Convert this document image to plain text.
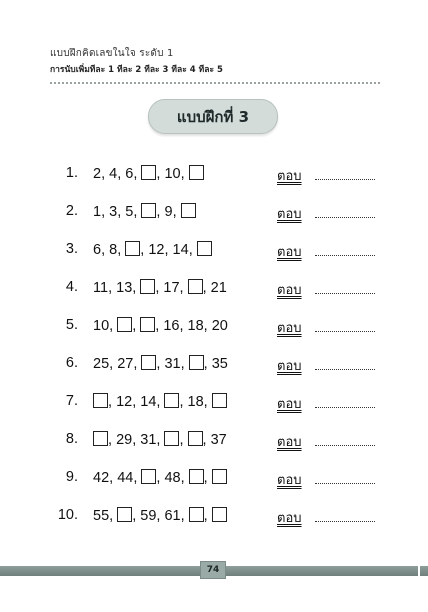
แบบฝึกคิดเลขในใจ ระดับ 1
การนับเพิ่มทีละ 1 ทีละ 2 ทีละ 3 ทีละ 4 ทีละ 5
แบบฝึกที่ 3
1. 2 , 4 , 6 , , 10 ,	ตอบ
2. 1 , 3 , 5 , , 9 ,	ตอบ
3. 6 , 8 , , 12 , 14 ,	ตอบ
4. 11 , 13 , , 17 , , 21	ตอบ
5. 10 , , , 16 , 18 , 20	ตอบ
6. 25 , 27 , , 31 , , 35	ตอบ
7. , 12 , 14 , , 18 ,	ตอบ
8. , 29 , 31 , , , 37	ตอบ
9. 42 , 44 , , 48 , ,	ตอบ
10. 55 , , 59 , 61 , ,	ตอบ
74
